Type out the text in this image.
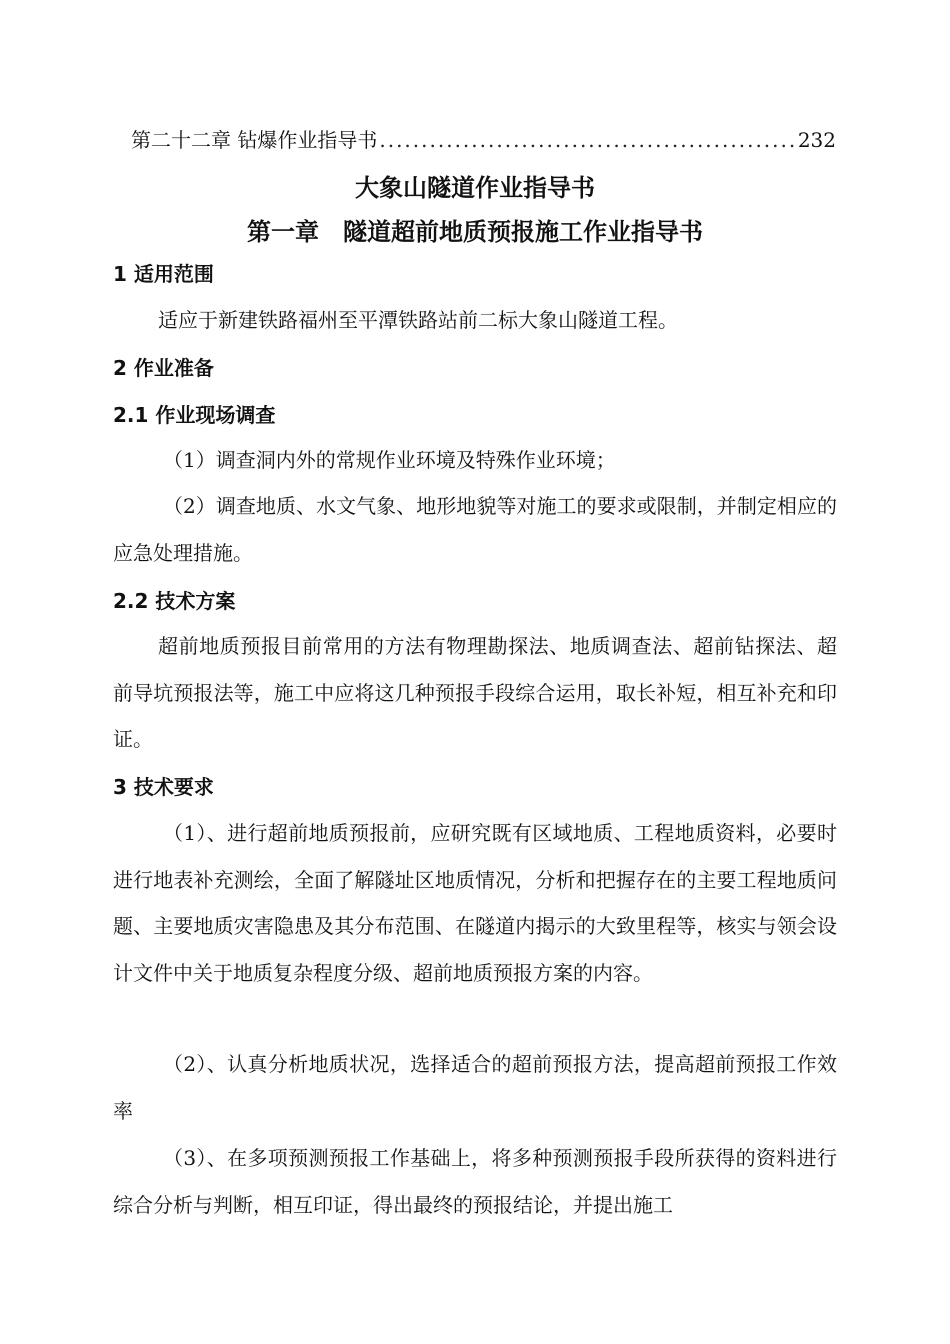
第二十二章 钻爆作业指导书
.....	232
大象山隧道作业指导书
第一章　隧道超前地质预报施工作业指导书
1 适用范围
适应于新建铁路福州至平潭铁路站前二标大象山隧道工程。
2 作业准备
2.1 作业现场调查
（1）调查洞内外的常规作业环境及特殊作业环境；
（2）调查地质、水文气象、地形地貌等对施工的要求或限制，并制定相应的应急处理措施。
2.2 技术方案
超前地质预报目前常用的方法有物理勘探法、地质调查法、超前钻探法、超前导坑预报法等，施工中应将这几种预报手段综合运用，取长补短，相互补充和印证。
3 技术要求
（1）、进行超前地质预报前，应研究既有区域地质、工程地质资料，必要时进行地表补充测绘，全面了解隧址区地质情况，分析和把握存在的主要工程地质问题、主要地质灾害隐患及其分布范围、在隧道内揭示的大致里程等，核实与领会设计文件中关于地质复杂程度分级、超前地质预报方案的内容。
（2）、认真分析地质状况，选择适合的超前预报方法，提高超前预报工作效率
（3）、在多项预测预报工作基础上，将多种预测预报手段所获得的资料进行综合分析与判断，相互印证，得出最终的预报结论，并提出施工
